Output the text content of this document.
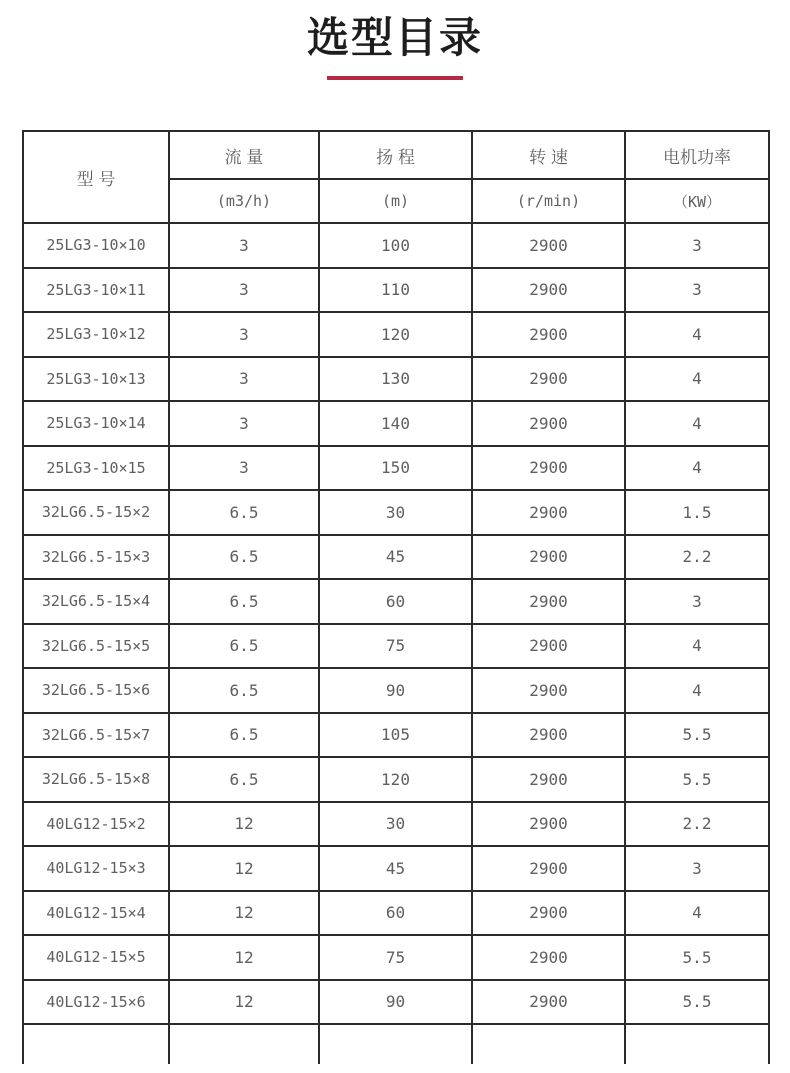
选型目录
型 号	流 量	扬 程	转 速	电机功率
	(m3/h)	(m)	(r/min)	（KW）
25LG3-10×10	3	100	2900	3
25LG3-10×11	3	110	2900	3
25LG3-10×12	3	120	2900	4
25LG3-10×13	3	130	2900	4
25LG3-10×14	3	140	2900	4
25LG3-10×15	3	150	2900	4
32LG6.5-15×2	6.5	30	2900	1.5
32LG6.5-15×3	6.5	45	2900	2.2
32LG6.5-15×4	6.5	60	2900	3
32LG6.5-15×5	6.5	75	2900	4
32LG6.5-15×6	6.5	90	2900	4
32LG6.5-15×7	6.5	105	2900	5.5
32LG6.5-15×8	6.5	120	2900	5.5
40LG12-15×2	12	30	2900	2.2
40LG12-15×3	12	45	2900	3
40LG12-15×4	12	60	2900	4
40LG12-15×5	12	75	2900	5.5
40LG12-15×6	12	90	2900	5.5
